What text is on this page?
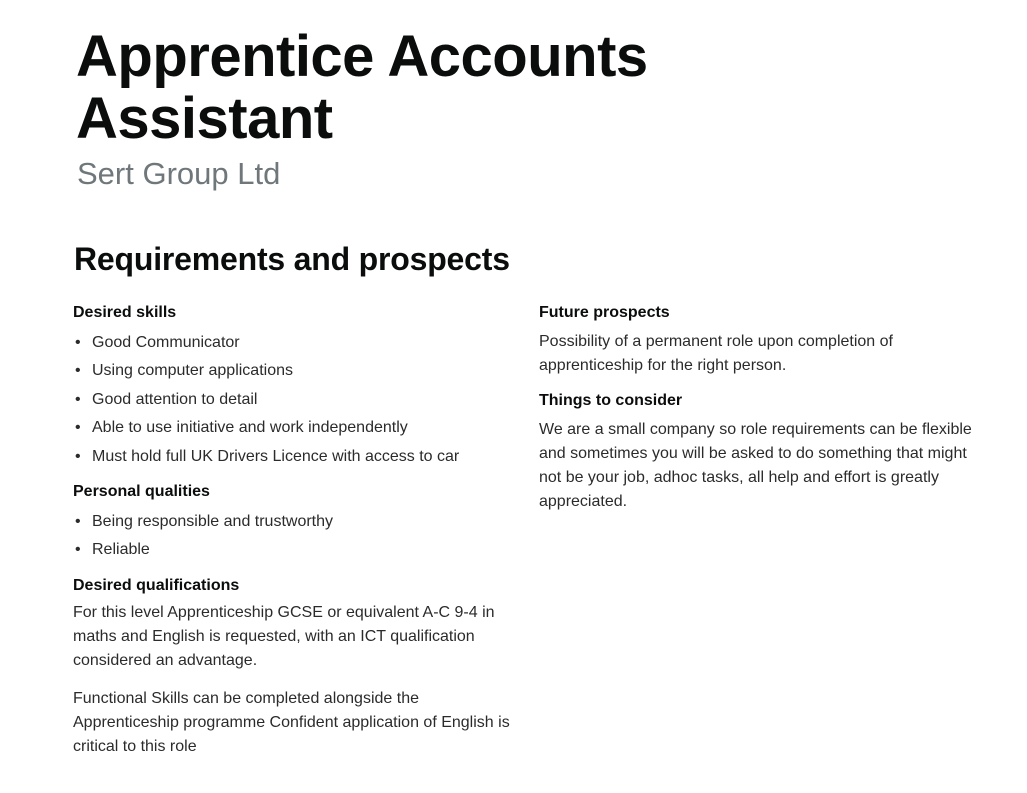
Apprentice Accounts Assistant

Sert Group Ltd

Requirements and prospects
Desired skills
• Good Communicator
• Using computer applications
• Good attention to detail
• Able to use initiative and work independently
• Must hold full UK Drivers Licence with access to car
Personal qualities
• Being responsible and trustworthy
• Reliable
Desired qualifications

For this level Apprenticeship GCSE or equivalent A-C 9-4 in maths and English is requested, with an ICT qualification considered an advantage.

Functional Skills can be completed alongside the Apprenticeship programme Confident application of English is critical to this role

Future prospects

Possibility of a permanent role upon completion of apprenticeship for the right person.

Things to consider

We are a small company so role requirements can be flexible and sometimes you will be asked to do something that might not be your job, adhoc tasks, all help and effort is greatly appreciated.
